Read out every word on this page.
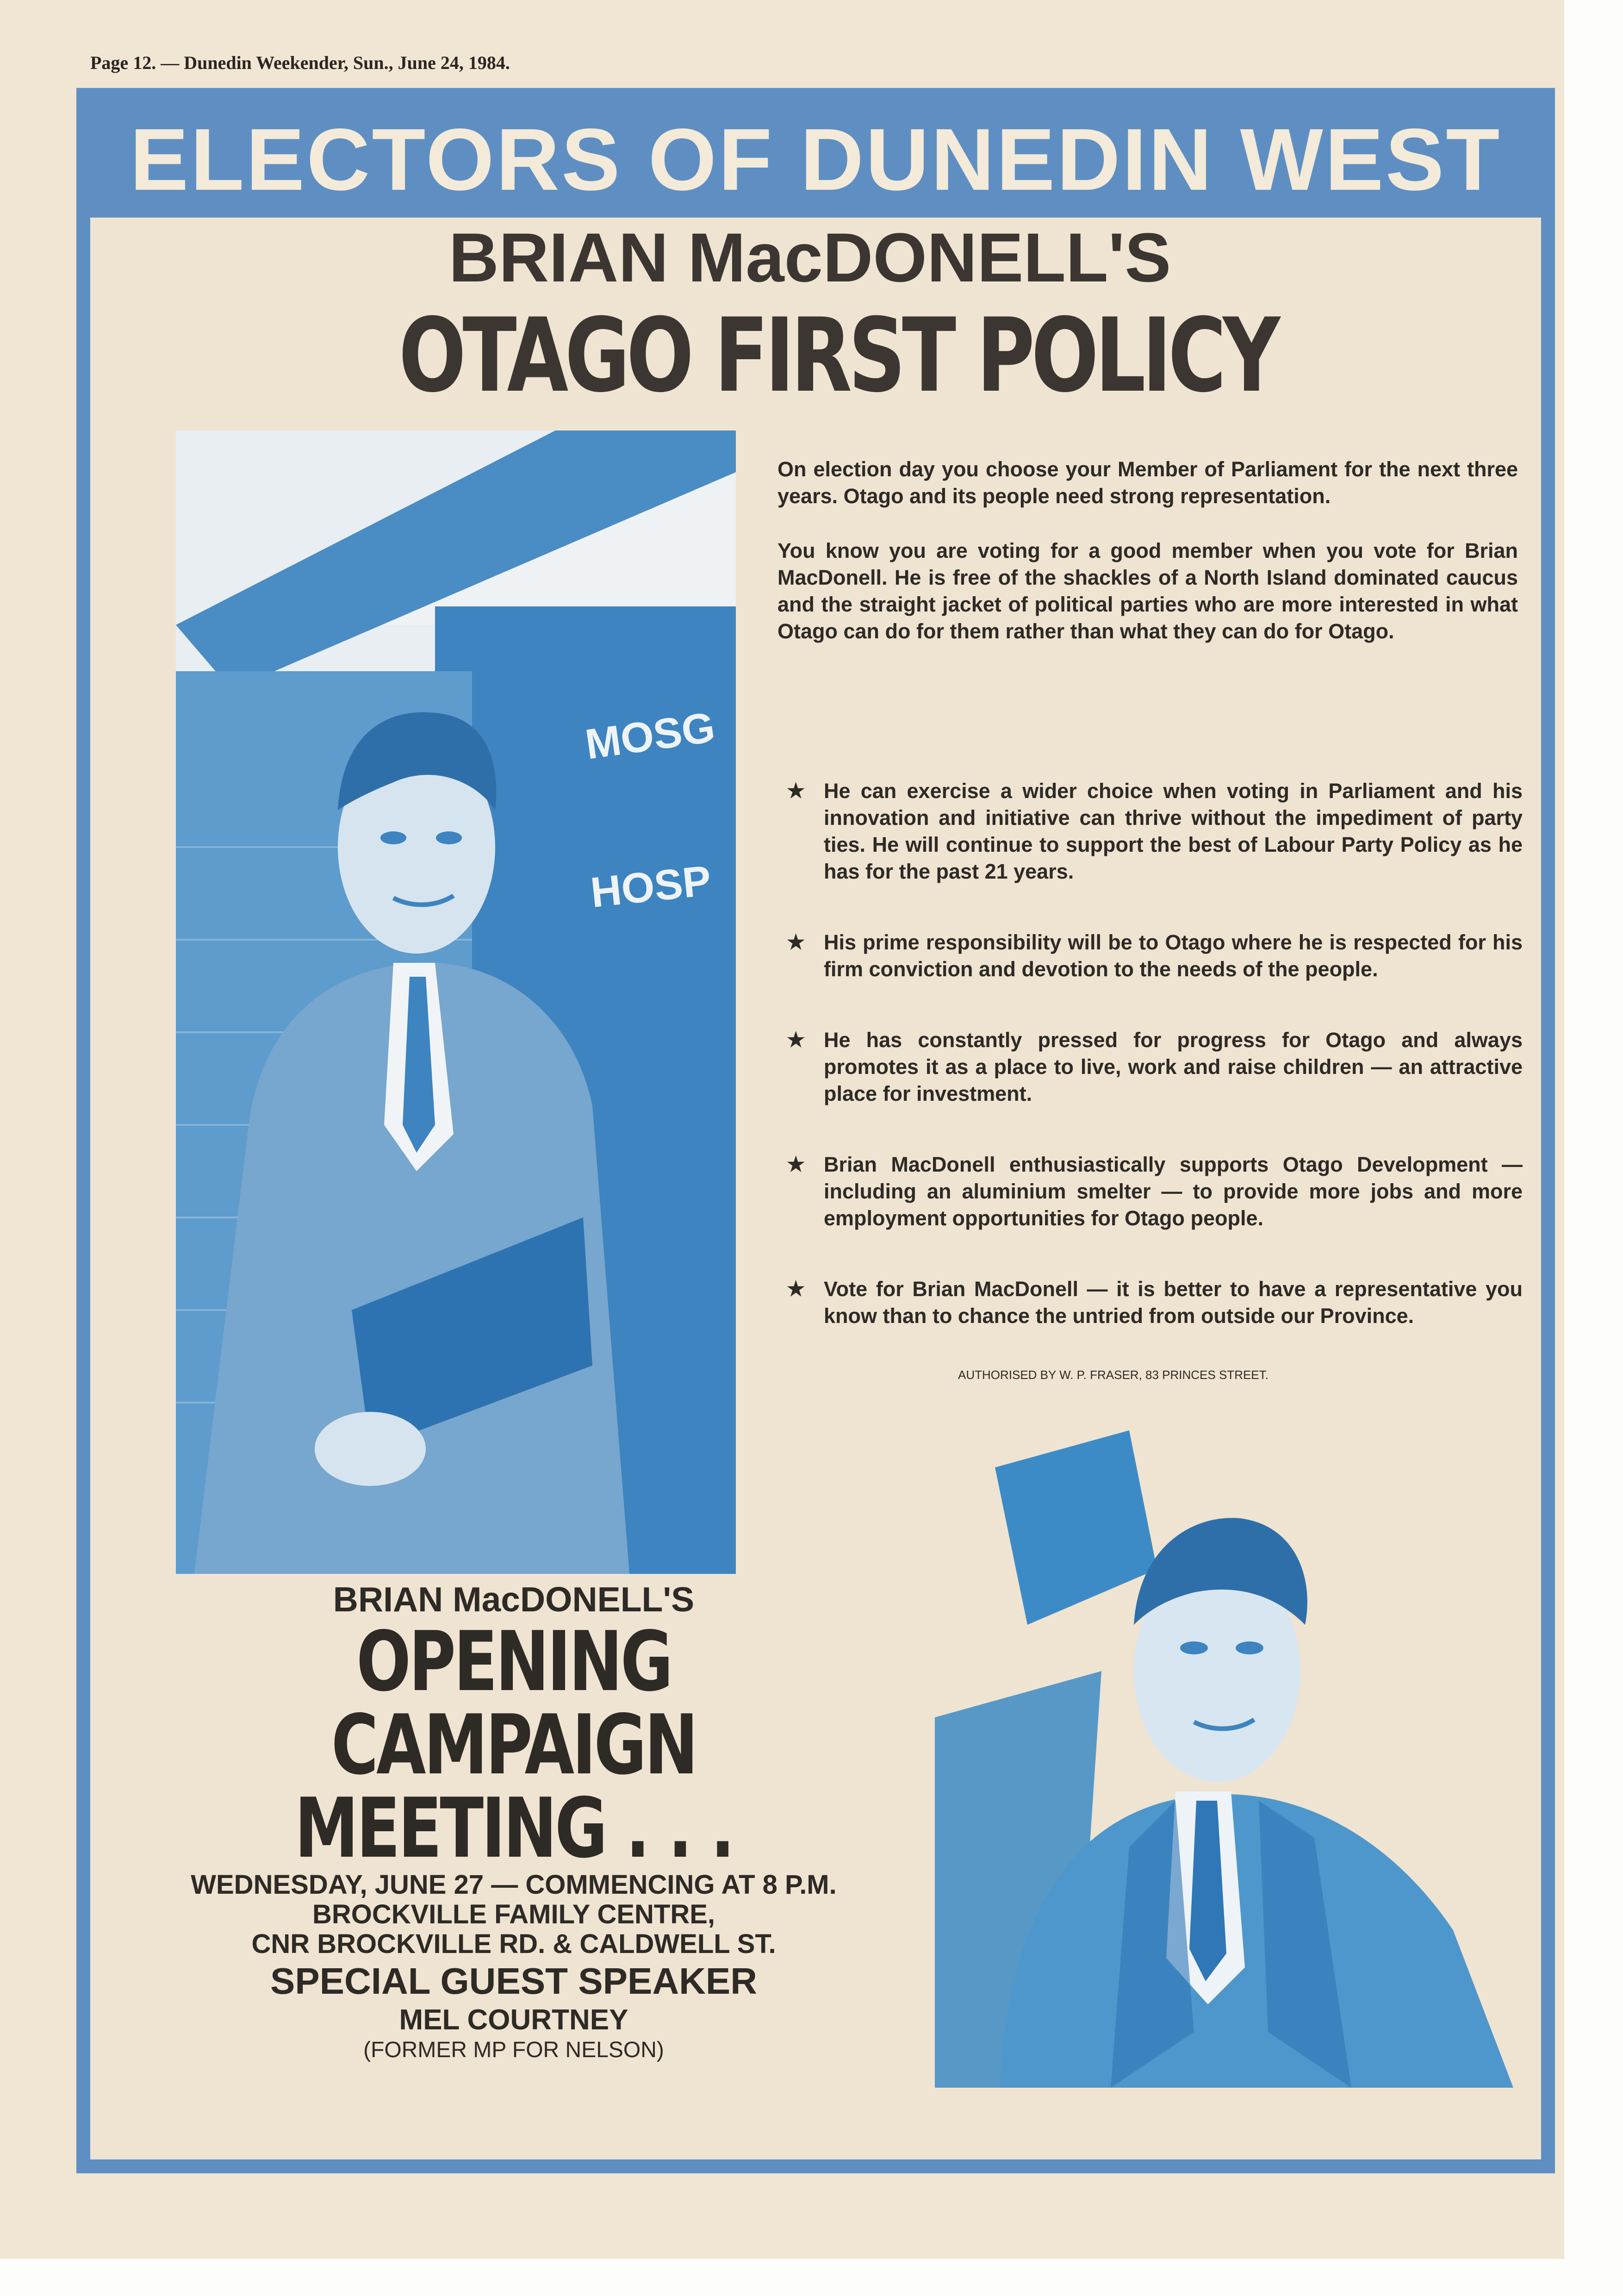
Page 12. — Dunedin Weekender, Sun., June 24, 1984.
ELECTORS OF DUNEDIN WEST
BRIAN MacDONELL'S
OTAGO FIRST POLICY
MOSG
HOSP

On election day you choose your Member of Parliament for the next three years. Otago and its people need strong representation.

You know you are voting for a good member when you vote for Brian MacDonell. He is free of the shackles of a North Island dominated caucus and the straight jacket of political parties who are more interested in what Otago can do for them rather than what they can do for Otago.

★ He can exercise a wider choice when voting in Parliament and his innovation and initiative can thrive without the impediment of party ties. He will continue to support the best of Labour Party Policy as he has for the past 21 years.
★ His prime responsibility will be to Otago where he is respected for his firm conviction and devotion to the needs of the people.
★ He has constantly pressed for progress for Otago and always promotes it as a place to live, work and raise children — an attractive place for investment.
★ Brian MacDonell enthusiastically supports Otago Development — including an aluminium smelter — to provide more jobs and more employment opportunities for Otago people.
★ Vote for Brian MacDonell — it is better to have a representative you know than to chance the untried from outside our Province.
AUTHORISED BY W. P. FRASER, 83 PRINCES STREET.
BRIAN MacDONELL'S
OPENING
CAMPAIGN
MEETING . . .
WEDNESDAY, JUNE 27 — COMMENCING AT 8 P.M.
BROCKVILLE FAMILY CENTRE,
CNR BROCKVILLE RD. & CALDWELL ST.
SPECIAL GUEST SPEAKER
MEL COURTNEY
(FORMER MP FOR NELSON)
